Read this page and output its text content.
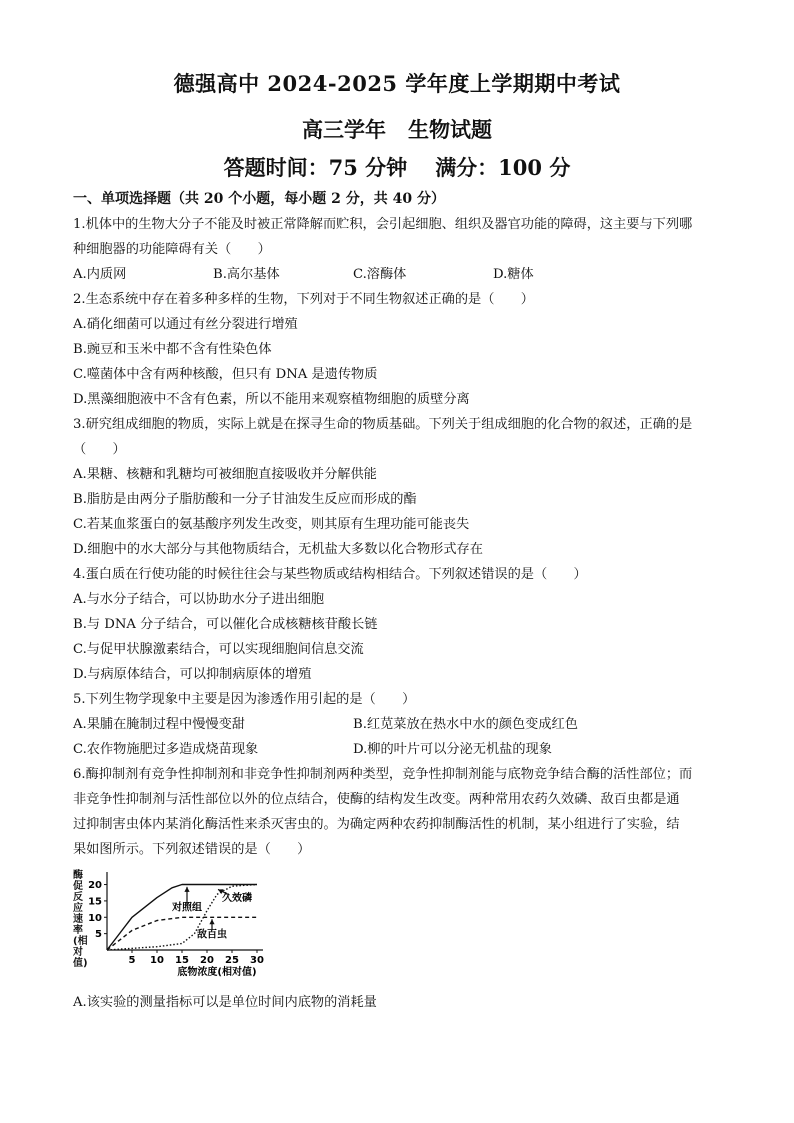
德强高中 2024-2025 学年度上学期期中考试
高三学年 生物试题
答题时间：75 分钟 满分：100 分
一、单项选择题（共 20 个小题，每小题 2 分，共 40 分）
1.机体中的生物大分子不能及时被正常降解而贮积，会引起细胞、组织及器官功能的障碍，这主要与下列哪
种细胞器的功能障碍有关（　　）
A.内质网	B.高尔基体	C.溶酶体	D.糖体
2.生态系统中存在着多种多样的生物，下列对于不同生物叙述正确的是（　　）
A.硝化细菌可以通过有丝分裂进行增殖
B.豌豆和玉米中都不含有性染色体
C.噬菌体中含有两种核酸，但只有 DNA 是遗传物质
D.黑藻细胞液中不含有色素，所以不能用来观察植物细胞的质壁分离
3.研究组成细胞的物质，实际上就是在探寻生命的物质基础。下列关于组成细胞的化合物的叙述，正确的是
（　　）
A.果糖、核糖和乳糖均可被细胞直接吸收并分解供能
B.脂肪是由两分子脂肪酸和一分子甘油发生反应而形成的酯
C.若某血浆蛋白的氨基酸序列发生改变，则其原有生理功能可能丧失
D.细胞中的水大部分与其他物质结合，无机盐大多数以化合物形式存在
4.蛋白质在行使功能的时候往往会与某些物质或结构相结合。下列叙述错误的是（　　）
A.与水分子结合，可以协助水分子进出细胞
B.与 DNA 分子结合，可以催化合成核糖核苷酸长链
C.与促甲状腺激素结合，可以实现细胞间信息交流
D.与病原体结合，可以抑制病原体的增殖
5.下列生物学现象中主要是因为渗透作用引起的是（　　）
A.果脯在腌制过程中慢慢变甜	B.红苋菜放在热水中水的颜色变成红色
C.农作物施肥过多造成烧苗现象	D.柳的叶片可以分泌无机盐的现象
6.酶抑制剂有竞争性抑制剂和非竞争性抑制剂两种类型，竞争性抑制剂能与底物竞争结合酶的活性部位；而
非竞争性抑制剂与活性部位以外的位点结合，使酶的结构发生改变。两种常用农药久效磷、敌百虫都是通
过抑制害虫体内某消化酶活性来杀灭害虫的。为确定两种农药抑制酶活性的机制，某小组进行了实验，结
果如图所示。下列叙述错误的是（　　）
酶促反应速率(相对值)	5 10 15 20 25 30
5
10
15
20
底物浓度(相对值)
对照组
久效磷
敌百虫
A.该实验的测量指标可以是单位时间内底物的消耗量
